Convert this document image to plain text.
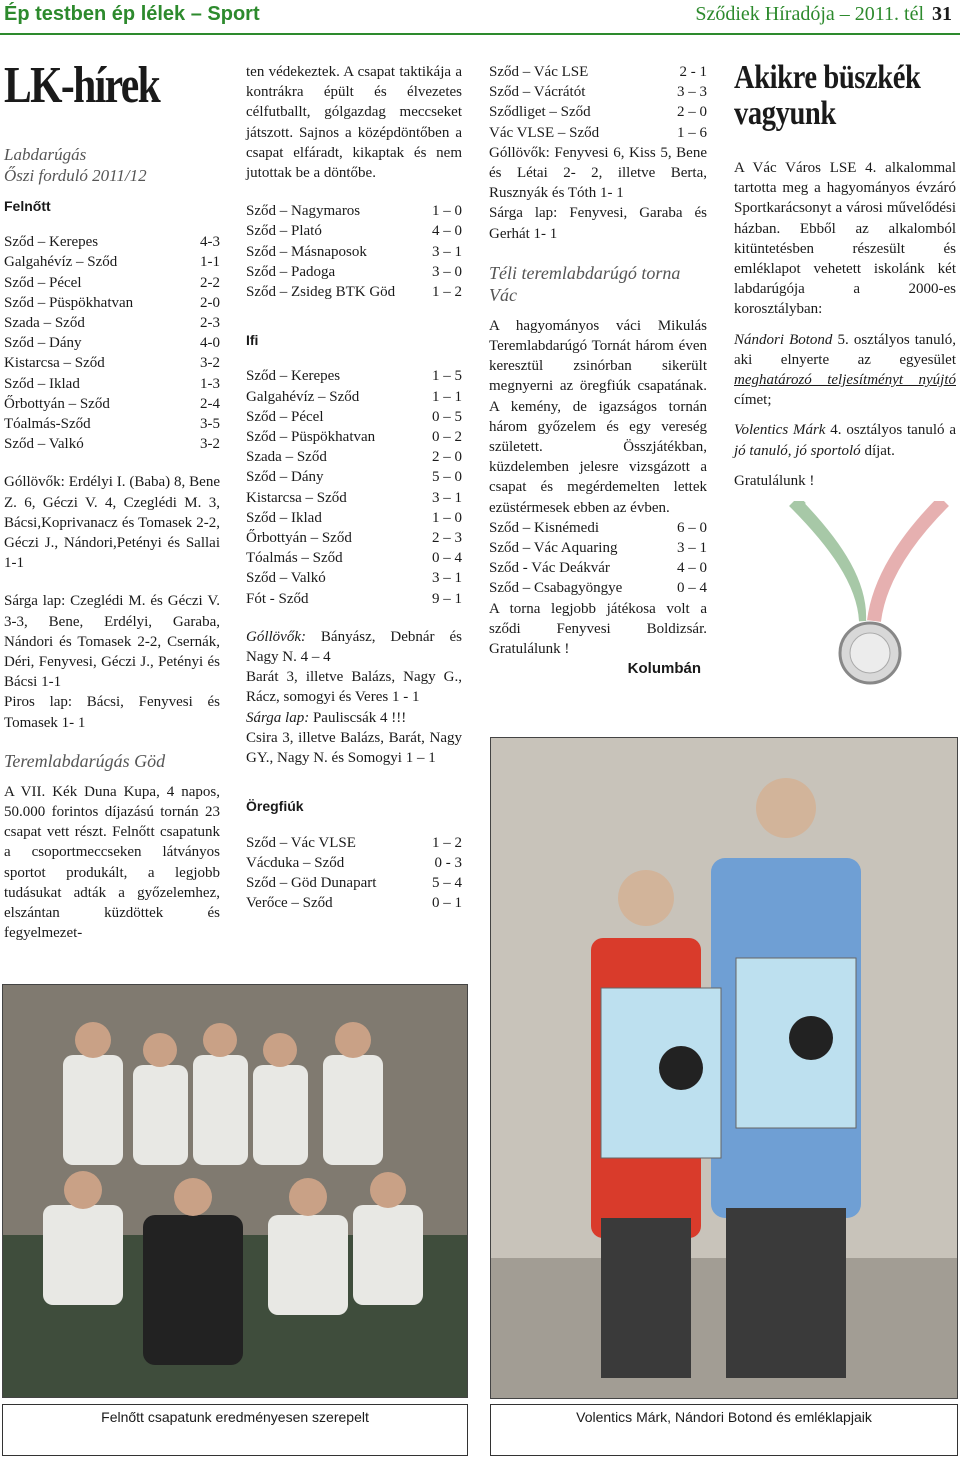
Ép testben ép lélek – Sport	Sződiek Híradója – 2011. tél 31
LK-hírek
Labdarúgás
Őszi forduló 2011/12
Felnőtt
Sződ – Kerepes	4-3
Galgahévíz – Sződ	1-1
Sződ – Pécel	2-2
Sződ – Püspökhatvan	2-0
Szada – Sződ	2-3
Sződ – Dány	4-0
Kistarcsa – Sződ	3-2
Sződ – Iklad	1-3
Őrbottyán – Sződ	2-4
Tóalmás-Sződ	3-5
Sződ – Valkó	3-2

Góllövők: Erdélyi I. (Baba) 8, Bene Z. 6, Géczi V. 4, Czeglédi M. 3, Bácsi,Koprivanacz és Tomasek 2-2, Géczi J., Nándori,Petényi és Sallai 1-1

Sárga lap: Czeglédi M. és Géczi V. 3-3, Bene, Erdélyi, Garaba, Nándori és Tomasek 2-2, Csernák, Déri, Fenyvesi, Géczi J., Petényi és Bácsi 1-1

Piros lap: Bácsi, Fenyvesi és Tomasek 1- 1

Teremlabdarúgás Göd

A VII. Kék Duna Kupa, 4 napos, 50.000 forintos díjazású tornán 23 csapat vett részt. Felnőtt csapatunk a csoportmeccseken látványos sportot produkált, a legjobb tudásukat adták a győzelemhez, elszántan küzdöttek és fegyelmezet-

ten védekeztek. A csapat taktikája a kontrákra épült és élvezetes célfutballt, gólgazdag meccseket játszott. Sajnos a középdöntőben a csapat elfáradt, kikaptak és nem jutottak be a döntőbe.

Sződ – Nagymaros	1 – 0
Sződ – Plató	4 – 0
Sződ – Másnaposok	3 – 1
Sződ – Padoga	3 – 0
Sződ – Zsideg BTK Göd 1 – 2
Ifi
Sződ – Kerepes	1 – 5
Galgahévíz – Sződ	1 – 1
Sződ – Pécel	0 – 5
Sződ – Püspökhatvan	0 – 2
Szada – Sződ	2 – 0
Sződ – Dány	5 – 0
Kistarcsa – Sződ	3 – 1
Sződ – Iklad	1 – 0
Őrbottyán – Sződ	2 – 3
Tóalmás – Sződ	0 – 4
Sződ – Valkó	3 – 1
Fót - Sződ	9 – 1

Góllövők: Bányász, Debnár és Nagy N. 4 – 4

Barát 3, illetve Balázs, Nagy G., Rácz, somogyi és Veres 1 - 1

Sárga lap: Pauliscsák 4 !!!

Csira 3, illetve Balázs, Barát, Nagy GY., Nagy N. és Somogyi 1 – 1

Öregfiúk
Sződ – Vác VLSE	1 – 2
Vácduka – Sződ	0 - 3
Sződ – Göd Dunapart	5 – 4
Verőce – Sződ	0 – 1
Sződ – Vác LSE	2 - 1
Sződ – Vácrátót	3 – 3
Sződliget – Sződ	2 – 0
Vác VLSE – Sződ	1 – 6

Góllövők: Fenyvesi 6, Kiss 5, Bene és Létai 2- 2, illetve Berta, Rusznyák és Tóth 1- 1

Sárga lap: Fenyvesi, Garaba és Gerhát 1- 1

Téli teremlabdarúgó torna Vác

A hagyományos váci Mikulás Teremlabdarúgó Tornát három éven keresztül zsinórban sikerült megnyerni az öregfiúk csapatának. A kemény, de igazságos tornán három győzelem és egy vereség született. Összjátékban, küzdelemben jelesre vizsgázott a csapat és megérdemelten lettek ezüstérmesek ebben az évben.

Sződ – Kisnémedi	6 – 0
Sződ – Vác Aquaring	3 – 1
Sződ - Vác Deákvár	4 – 0
Sződ – Csabagyöngye	0 – 4

A torna legjobb játékosa volt a sződi Fenyvesi Boldizsár. Gratulálunk !

Kolumbán
Akikre büszkék
vagyunk

A Vác Város LSE 4. alkalommal tartotta meg a hagyományos évzáró Sportkarácsonyt a városi művelődési házban. Ebből az alkalomból kitüntetésben részesült és emléklapot vehetett iskolánk két labdarúgója a 2000-es korosztályban:

Nándori Botond 5. osztályos tanuló, aki elnyerte az egyesület meghatározó teljesítményt nyújtó címet;

Volentics Márk 4. osztályos tanuló a jó tanuló, jó sportoló díjat.

Gratulálunk !

Felnőtt csapatunk eredményesen szerepelt	Volentics Márk, Nándori Botond és emléklapjaik
